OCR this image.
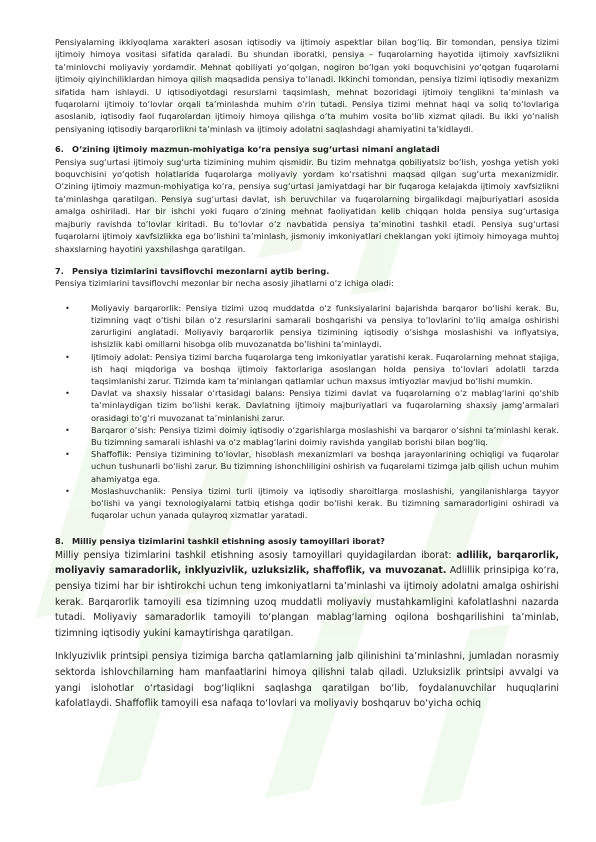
Pensiyalarning ikkiyoqlama xarakteri asosan iqtisodiy va ijtimoiy aspektlar bilan bog‘liq. Bir tomondan, pensiya tizimi ijtimoiy himoya vositasi sifatida qaraladi. Bu shundan iboratki, pensiya – fuqarolarning hayotida ijtimoiy xavfsizlikni ta’minlovchi moliyaviy yordamdir. Mehnat qobiliyati yo‘qolgan, nogiron bo‘lgan yoki boquvchisini yo‘qotgan fuqarolarni ijtimoiy qiyinchiliklardan himoya qilish maqsadida pensiya to‘lanadi. Ikkinchi tomondan, pensiya tizimi iqtisodiy mexanizm sifatida ham ishlaydi. U iqtisodiyotdagi resurslarni taqsimlash, mehnat bozoridagi ijtimoiy tenglikni ta’minlash va fuqarolarni ijtimoiy to‘lovlar orqali ta’minlashda muhim o‘rin tutadi. Pensiya tizimi mehnat haqi va soliq to‘lovlariga asoslanib, iqtisodiy faol fuqarolardan ijtimoiy himoya qilishga o‘ta muhim vosita bo‘lib xizmat qiladi. Bu ikki yo‘nalish pensiyaning iqtisodiy barqarorlikni ta’minlash va ijtimoiy adolatni saqlashdagi ahamiyatini ta’kidlaydi.

6. O‘zining ijtimoiy mazmun-mohiyatiga ko‘ra pensiya sug‘urtasi nimani anglatadi

Pensiya sug‘urtasi ijtimoiy sug‘urta tizimining muhim qismidir. Bu tizim mehnatga qobiliyatsiz bo‘lish, yoshga yetish yoki boquvchisini yo‘qotish holatlarida fuqarolarga moliyaviy yordam ko‘rsatishni maqsad qilgan sug‘urta mexanizmidir. O‘zining ijtimoiy mazmun-mohiyatiga ko‘ra, pensiya sug‘urtasi jamiyatdagi har bir fuqaroga kelajakda ijtimoiy xavfsizlikni ta’minlashga qaratilgan. Pensiya sug‘urtasi davlat, ish beruvchilar va fuqarolarning birgalikdagi majburiyatlari asosida amalga oshiriladi. Har bir ishchi yoki fuqaro o‘zining mehnat faoliyatidan kelib chiqqan holda pensiya sug‘urtasiga majburiy ravishda to‘lovlar kiritadi. Bu to‘lovlar o‘z navbatida pensiya ta’minotini tashkil etadi. Pensiya sug‘urtasi fuqarolarni ijtimoiy xavfsizlikka ega bo‘lishini ta’minlash, jismoniy imkoniyatlari cheklangan yoki ijtimoiy himoyaga muhtoj shaxslarning hayotini yaxshilashga qaratilgan.

7. Pensiya tizimlarini tavsiflovchi mezonlarni aytib bering.

Pensiya tizimlarini tavsiflovchi mezonlar bir necha asosiy jihatlarni o‘z ichiga oladi:

•	Moliyaviy barqarorlik: Pensiya tizimi uzoq muddatda o‘z funksiyalarini bajarishda barqaror bo‘lishi kerak. Bu, tizimning vaqt o‘tishi bilan o‘z resurslarini samarali boshqarishi va pensiya to‘lovlarini to‘liq amalga oshirishi zarurligini anglatadi. Moliyaviy barqarorlik pensiya tizimining iqtisodiy o‘sishga moslashishi va inflyatsiya, ishsizlik kabi omillarni hisobga olib muvozanatda bo‘lishini ta’minlaydi.

•	Ijtimoiy adolat: Pensiya tizimi barcha fuqarolarga teng imkoniyatlar yaratishi kerak. Fuqarolarning mehnat stajiga, ish haqi miqdoriga va boshqa ijtimoiy faktorlariga asoslangan holda pensiya to‘lovlari adolatli tarzda taqsimlanishi zarur. Tizimda kam ta’minlangan qatlamlar uchun maxsus imtiyozlar mavjud bo‘lishi mumkin.

•	Davlat va shaxsiy hissalar o‘rtasidagi balans: Pensiya tizimi davlat va fuqarolarning o‘z mablag‘larini qo‘shib ta’minlaydigan tizim bo‘lishi kerak. Davlatning ijtimoiy majburiyatlari va fuqarolarning shaxsiy jamg‘armalari orasidagi to‘g‘ri muvozanat ta’minlanishi zarur.

•	Barqaror o‘sish: Pensiya tizimi doimiy iqtisodiy o‘zgarishlarga moslashishi va barqaror o‘sishni ta’minlashi kerak. Bu tizimning samarali ishlashi va o‘z mablag‘larini doimiy ravishda yangilab borishi bilan bog‘liq.

•	Shaffoflik: Pensiya tizimining to‘lovlar, hisoblash mexanizmlari va boshqa jarayonlarining ochiqligi va fuqarolar uchun tushunarli bo‘lishi zarur. Bu tizimning ishonchliligini oshirish va fuqarolarni tizimga jalb qilish uchun muhim ahamiyatga ega.

•	Moslashuvchanlik: Pensiya tizimi turli ijtimoiy va iqtisodiy sharoitlarga moslashishi, yangilanishlarga tayyor bo‘lishi va yangi texnologiyalarni tatbiq etishga qodir bo‘lishi kerak. Bu tizimning samaradorligini oshiradi va fuqarolar uchun yanada qulayroq xizmatlar yaratadi.

8. Milliy pensiya tizimlarini tashkil etishning asosiy tamoyillari iborat?

Milliy pensiya tizimlarini tashkil etishning asosiy tamoyillari quyidagilardan iborat: adlilik, barqarorlik, moliyaviy samaradorlik, inklyuzivlik, uzluksizlik, shaffoflik, va muvozanat. Adlillik prinsipiga ko‘ra, pensiya tizimi har bir ishtirokchi uchun teng imkoniyatlarni ta’minlashi va ijtimoiy adolatni amalga oshirishi kerak. Barqarorlik tamoyili esa tizimning uzoq muddatli moliyaviy mustahkamligini kafolatlashni nazarda tutadi. Moliyaviy samaradorlik tamoyili to‘plangan mablag‘larning oqilona boshqarilishini ta’minlab, tizimning iqtisodiy yukini kamaytirishga qaratilgan.

Inklyuzivlik printsipi pensiya tizimiga barcha qatlamlarning jalb qilinishini ta’minlashni, jumladan norasmiy sektorda ishlovchilarning ham manfaatlarini himoya qilishni talab qiladi. Uzluksizlik printsipi avvalgi va yangi islohotlar o‘rtasidagi bog‘liqlikni saqlashga qaratilgan bo‘lib, foydalanuvchilar huquqlarini kafolatlaydi. Shaffoflik tamoyili esa nafaqa to‘lovlari va moliyaviy boshqaruv bo‘yicha ochiq
